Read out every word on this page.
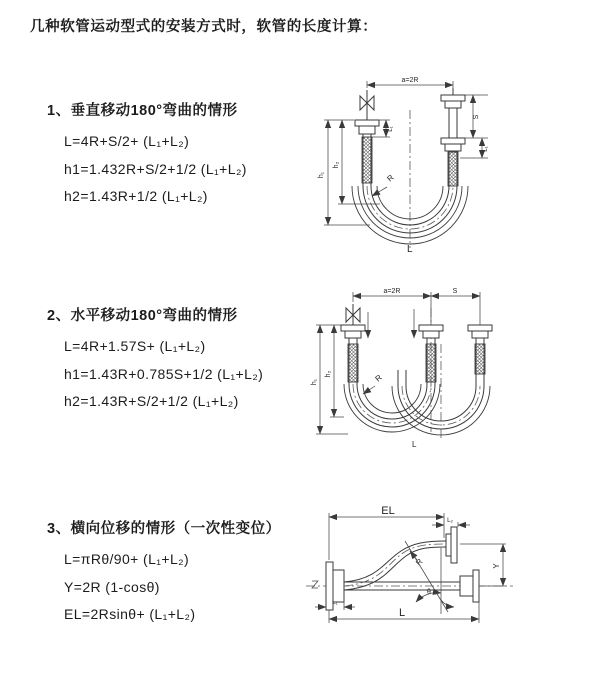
几种软管运动型式的安装方式时，软管的长度计算：
1、垂直移动180°弯曲的情形
L=4R+S/2+ (L₁+L₂)
h1=1.432R+S/2+1/2 (L₁+L₂)
h2=1.43R+1/2 (L₁+L₂)
2、水平移动180°弯曲的情形
L=4R+1.57S+ (L₁+L₂)
h1=1.43R+0.785S+1/2 (L₁+L₂)
h2=1.43R+S/2+1/2 (L₁+L₂)
3、横向位移的情形（一次性变位）
L=πRθ/90+ (L₁+L₂)
Y=2R (1-cosθ)
EL=2Rsinθ+ (L₁+L₂)
a=2R
h₁
h₂
L₁
S
L₁
R
L
a=2R	S
h₁
h₂	R
L
EL
L₂
Y
R
θ
L
L₁
